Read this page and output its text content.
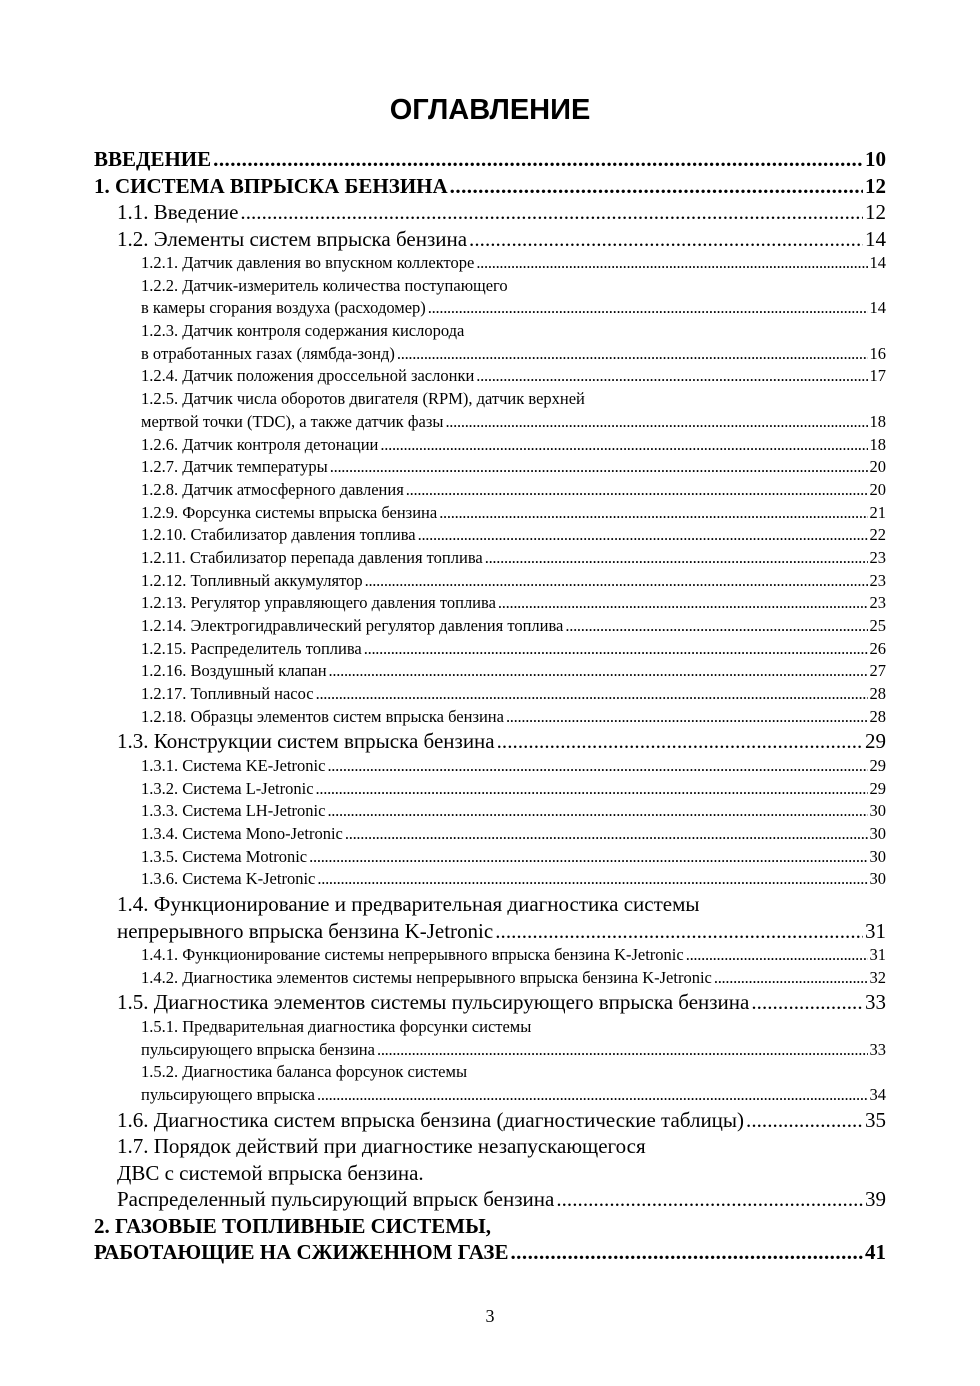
ОГЛАВЛЕНИЕ
ВВЕДЕНИЕ . . .	10
1. СИСТЕМА ВПРЫСКА БЕНЗИНА . . .	12
1.1. Введение . . .	12
1.2. Элементы систем впрыска бензина . . .	14
1.2.1. Датчик давления во впускном коллекторе . . .	14
1.2.2. Датчик-измеритель количества поступающего
в камеры сгорания воздуха (расходомер) . . .	14
1.2.3. Датчик контроля содержания кислорода
в отработанных газах (лямбда-зонд) . . .	16
1.2.4. Датчик положения дроссельной заслонки . . .	17
1.2.5. Датчик числа оборотов двигателя (RPM), датчик верхней
мертвой точки (TDC), а также датчик фазы . . .	18
1.2.6. Датчик контроля детонации . . .	18
1.2.7. Датчик температуры . . .	20
1.2.8. Датчик атмосферного давления . . .	20
1.2.9. Форсунка системы впрыска бензина . . .	21
1.2.10. Стабилизатор давления топлива . . .	22
1.2.11. Стабилизатор перепада давления топлива . . .	23
1.2.12. Топливный аккумулятор . . .	23
1.2.13. Регулятор управляющего давления топлива . . .	23
1.2.14. Электрогидравлический регулятор давления топлива . . .	25
1.2.15. Распределитель топлива . . .	26
1.2.16. Воздушный клапан . . .	27
1.2.17. Топливный насос . . .	28
1.2.18. Образцы элементов систем впрыска бензина . . .	28
1.3. Конструкции систем впрыска бензина . . .	29
1.3.1. Система KE-Jetronic . . .	29
1.3.2. Система L-Jetronic . . .	29
1.3.3. Система LH-Jetronic . . .	30
1.3.4. Система Mono-Jetronic . . .	30
1.3.5. Система Motronic . . .	30
1.3.6. Система K-Jetronic . . .	30
1.4. Функционирование и предварительная диагностика системы
непрерывного впрыска бензина K-Jetronic . . .	31
1.4.1. Функционирование системы непрерывного впрыска бензина K-Jetronic . . .	31
1.4.2. Диагностика элементов системы непрерывного впрыска бензина K-Jetronic . . .	32
1.5. Диагностика элементов системы пульсирующего впрыска бензина . . .	33
1.5.1. Предварительная диагностика форсунки системы
пульсирующего впрыска бензина . . .	33
1.5.2. Диагностика баланса форсунок системы
пульсирующего впрыска . . .	34
1.6. Диагностика систем впрыска бензина (диагностические таблицы) . . .	35
1.7. Порядок действий при диагностике незапускающегося
ДВС с системой впрыска бензина.
Распределенный пульсирующий впрыск бензина . . .	39
2. ГАЗОВЫЕ ТОПЛИВНЫЕ СИСТЕМЫ,
РАБОТАЮЩИЕ НА СЖИЖЕННОМ ГАЗЕ . . .	41
3
